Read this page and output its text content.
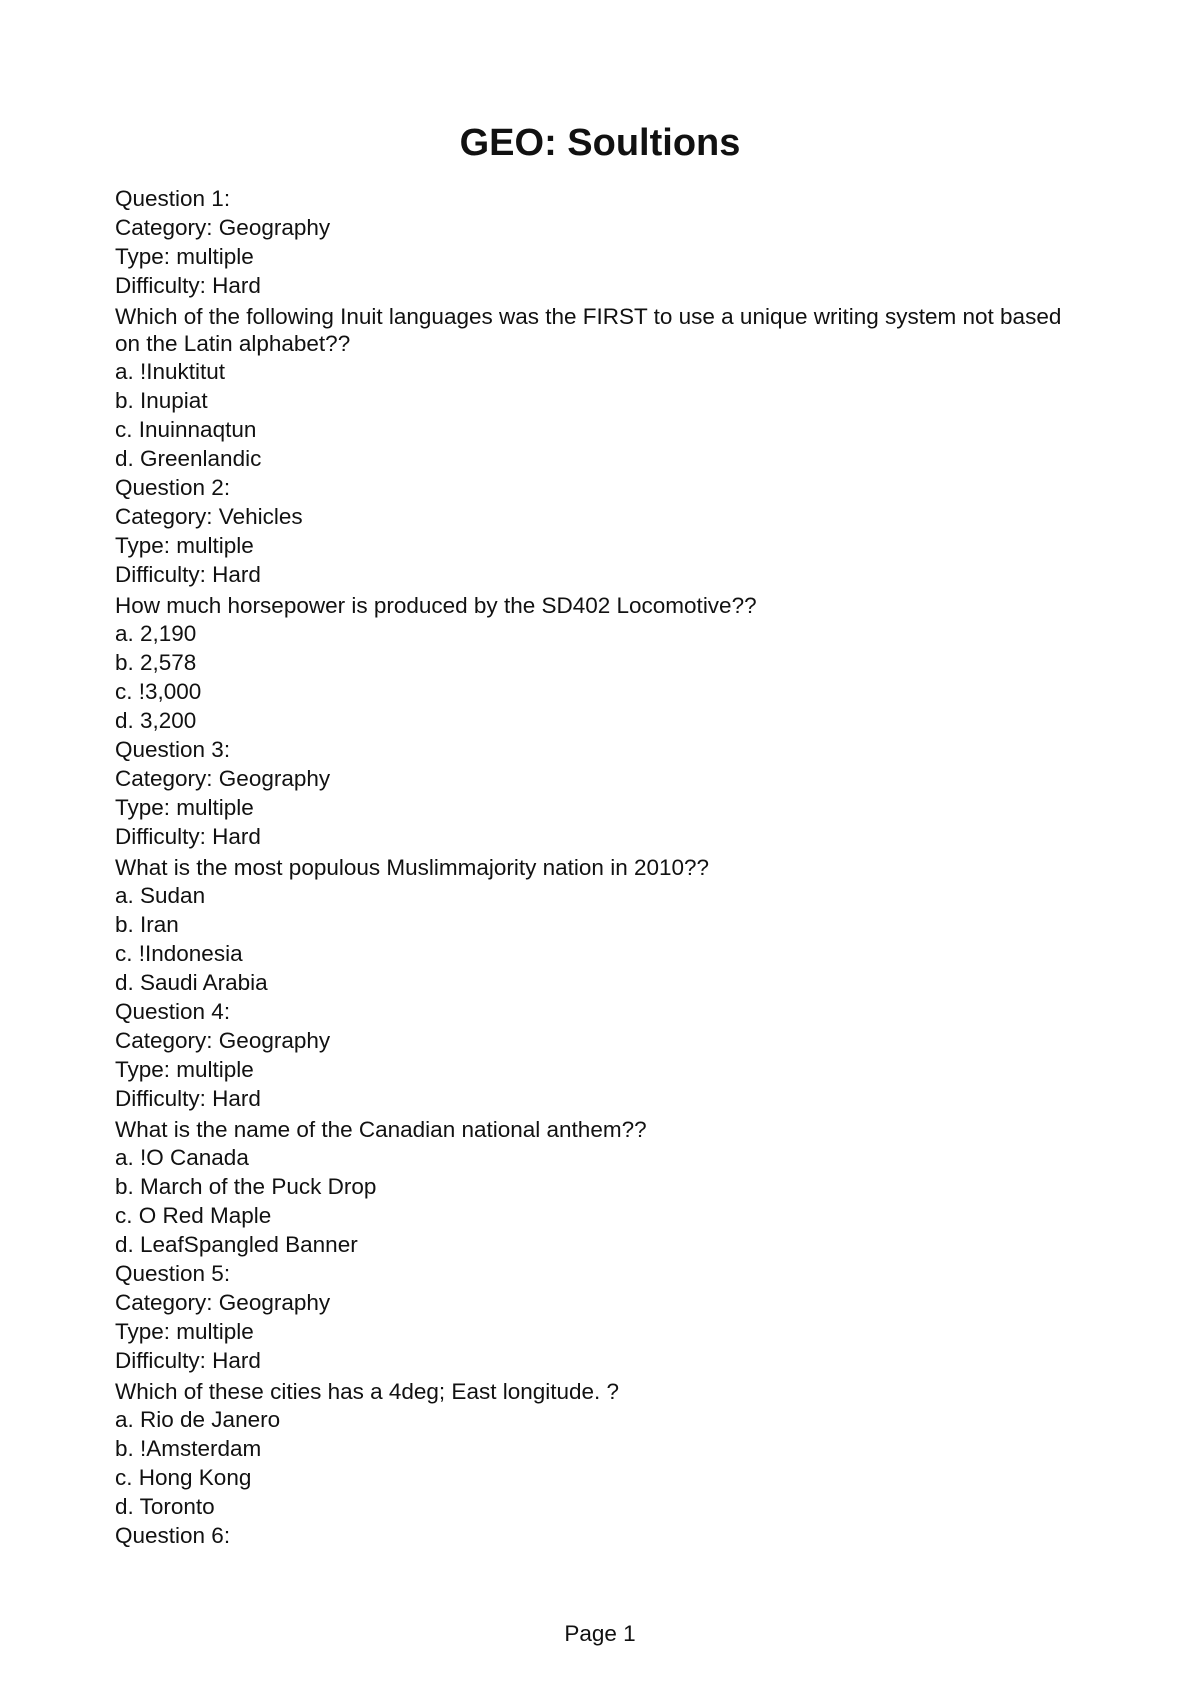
GEO: Soultions
Question 1:
Category: Geography
Type: multiple
Difficulty: Hard
Which of the following Inuit languages was the FIRST to use a unique writing system not based on the Latin alphabet??
a. !Inuktitut
b. Inupiat
c. Inuinnaqtun
d. Greenlandic
Question 2:
Category: Vehicles
Type: multiple
Difficulty: Hard
How much horsepower is produced by the SD402 Locomotive??
a. 2,190
b. 2,578
c. !3,000
d. 3,200
Question 3:
Category: Geography
Type: multiple
Difficulty: Hard
What is the most populous Muslimmajority nation in 2010??
a. Sudan
b. Iran
c. !Indonesia
d. Saudi Arabia
Question 4:
Category: Geography
Type: multiple
Difficulty: Hard
What is the name of the Canadian national anthem??
a. !O Canada
b. March of the Puck Drop
c. O Red Maple
d. LeafSpangled Banner
Question 5:
Category: Geography
Type: multiple
Difficulty: Hard
Which of these cities has a 4deg; East longitude. ?
a. Rio de Janero
b. !Amsterdam
c. Hong Kong
d. Toronto
Question 6:
Page 1
